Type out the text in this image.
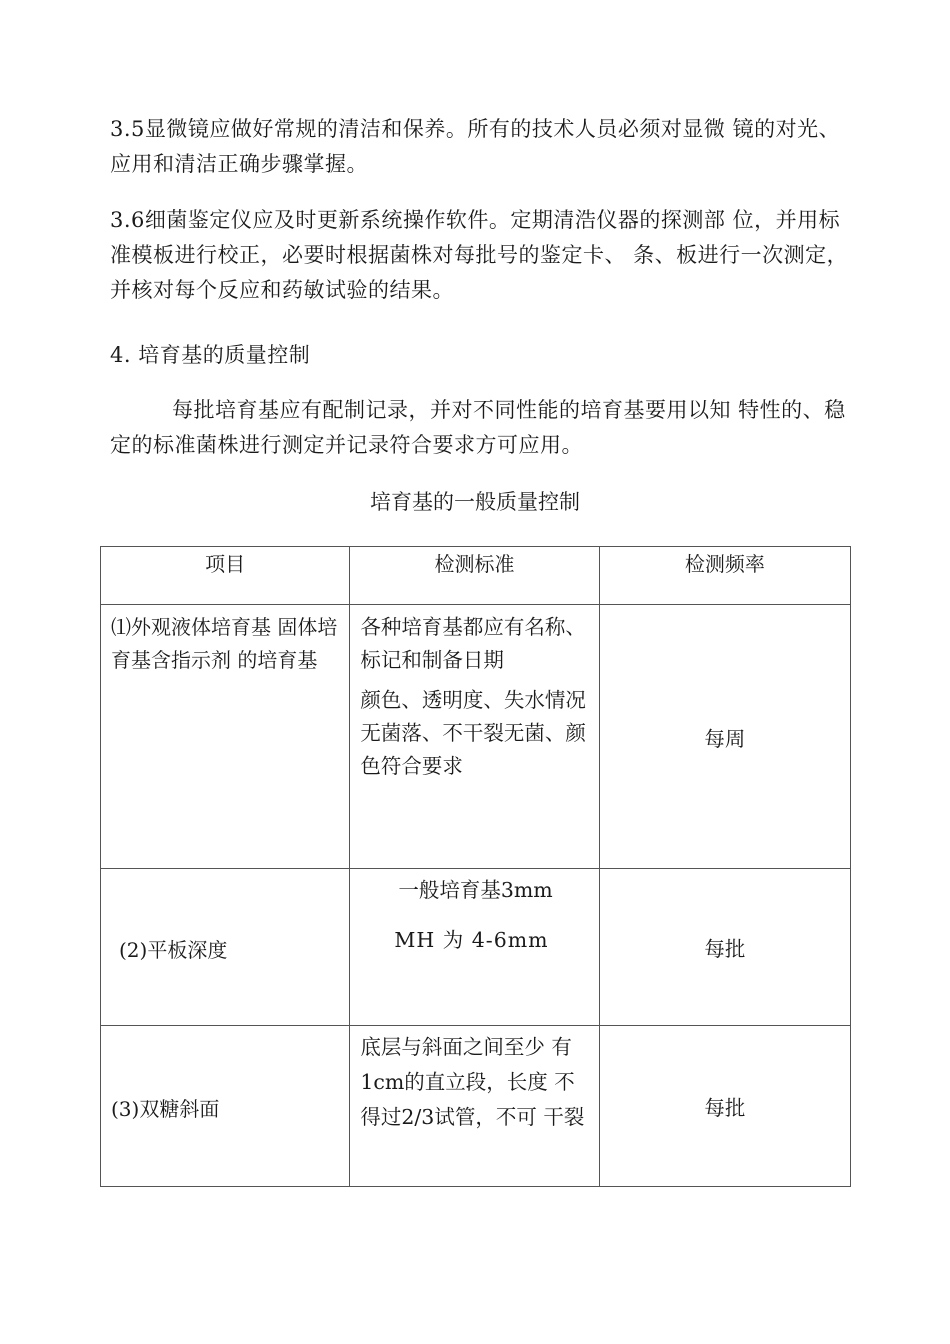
3.5显微镜应做好常规的清洁和保养。所有的技术人员必须对显微 镜的对光、应用和清洁正确步骤掌握。

3.6细菌鉴定仪应及时更新系统操作软件。定期清浩仪器的探测部 位，并用标准模板进行校正，必要时根据菌株对每批号的鉴定卡、 条、板进行一次测定，并核对每个反应和药敏试验的结果。

4. 培育基的质量控制

每批培育基应有配制记录，并对不同性能的培育基要用以知 特性的、稳定的标准菌株进行测定并记录符合要求方可应用。

培育基的一般质量控制

项目	检测标准	检测频率

⑴外观液体培育基 固体培育基含指示剂 的培育基	各种培育基都应有名称、标记和制备日期
颜色、透明度、失水情况无菌落、不干裂无菌、颜色符合要求	每周

(2)平板深度	一般培育基3mm
MH 为 4-6mm	每批

(3)双糖斜面	底层与斜面之间至少 有1cm的直立段，长度 不得过2/3试管，不可 干裂	每批
